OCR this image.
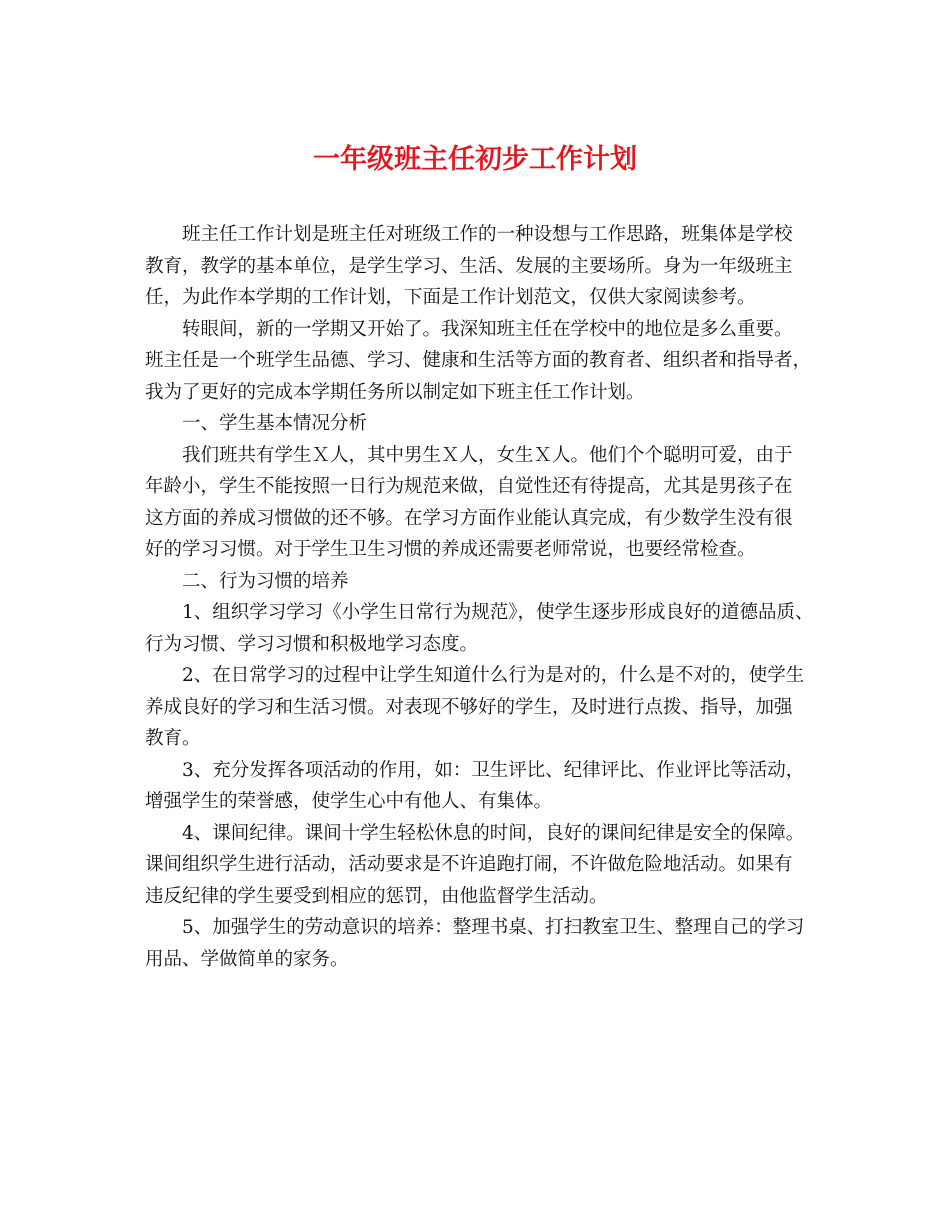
一年级班主任初步工作计划
班主任工作计划是班主任对班级工作的一种设想与工作思路，班集体是学校
教育，教学的基本单位，是学生学习、生活、发展的主要场所。身为一年级班主
任，为此作本学期的工作计划，下面是工作计划范文，仅供大家阅读参考。
转眼间，新的一学期又开始了。我深知班主任在学校中的地位是多么重要。
班主任是一个班学生品德、学习、健康和生活等方面的教育者、组织者和指导者，
我为了更好的完成本学期任务所以制定如下班主任工作计划。
一、学生基本情况分析
我们班共有学生Ｘ人，其中男生Ｘ人，女生Ｘ人。他们个个聪明可爱，由于
年龄小，学生不能按照一日行为规范来做，自觉性还有待提高，尤其是男孩子在
这方面的养成习惯做的还不够。在学习方面作业能认真完成，有少数学生没有很
好的学习习惯。对于学生卫生习惯的养成还需要老师常说，也要经常检查。
二、行为习惯的培养
1、组织学习学习《小学生日常行为规范》，使学生逐步形成良好的道德品质、
行为习惯、学习习惯和积极地学习态度。
2、在日常学习的过程中让学生知道什么行为是对的，什么是不对的，使学生
养成良好的学习和生活习惯。对表现不够好的学生，及时进行点拨、指导，加强
教育。
3、充分发挥各项活动的作用，如：卫生评比、纪律评比、作业评比等活动，
增强学生的荣誉感，使学生心中有他人、有集体。
4、课间纪律。课间十学生轻松休息的时间，良好的课间纪律是安全的保障。
课间组织学生进行活动，活动要求是不许追跑打闹，不许做危险地活动。如果有
违反纪律的学生要受到相应的惩罚，由他监督学生活动。
5、加强学生的劳动意识的培养：整理书桌、打扫教室卫生、整理自己的学习
用品、学做简单的家务。
